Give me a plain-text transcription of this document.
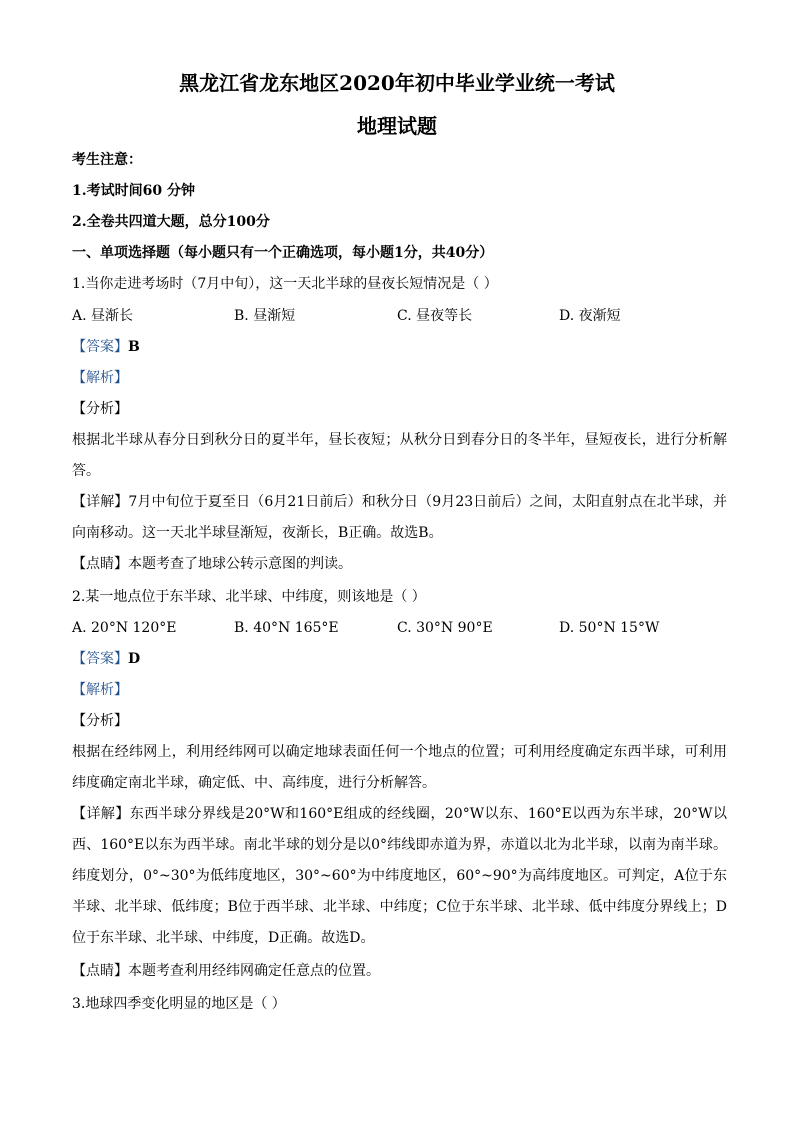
黑龙江省龙东地区2020年初中毕业学业统一考试
地理试题
考生注意：
1.考试时间60 分钟
2.全卷共四道大题，总分100分
一、单项选择题（每小题只有一个正确选项，每小题1分，共40分）
1.当你走进考场时（7月中旬），这一天北半球的昼夜长短情况是（ ）
A. 昼渐长	B. 昼渐短	C. 昼夜等长	D. 夜渐短
【答案】B
【解析】
【分析】
根据北半球从春分日到秋分日的夏半年，昼长夜短；从秋分日到春分日的冬半年，昼短夜长，进行分析解答。
【详解】7月中旬位于夏至日（6月21日前后）和秋分日（9月23日前后）之间，太阳直射点在北半球，并向南移动。这一天北半球昼渐短，夜渐长，B正确。故选B。
【点睛】本题考查了地球公转示意图的判读。
2.某一地点位于东半球、北半球、中纬度，则该地是（ ）
A. 20°N 120°E	B. 40°N 165°E	C. 30°N 90°E	D. 50°N 15°W
【答案】D
【解析】
【分析】
根据在经纬网上，利用经纬网可以确定地球表面任何一个地点的位置；可利用经度确定东西半球，可利用纬度确定南北半球，确定低、中、高纬度，进行分析解答。
【详解】东西半球分界线是20°W和160°E组成的经线圈，20°W以东、160°E以西为东半球，20°W以西、160°E以东为西半球。南北半球的划分是以0°纬线即赤道为界，赤道以北为北半球，以南为南半球。纬度划分，0°~30°为低纬度地区，30°~60°为中纬度地区，60°~90°为高纬度地区。可判定，A位于东半球、北半球、低纬度；B位于西半球、北半球、中纬度；C位于东半球、北半球、低中纬度分界线上；D位于东半球、北半球、中纬度，D正确。故选D。
【点睛】本题考查利用经纬网确定任意点的位置。
3.地球四季变化明显的地区是（ ）
